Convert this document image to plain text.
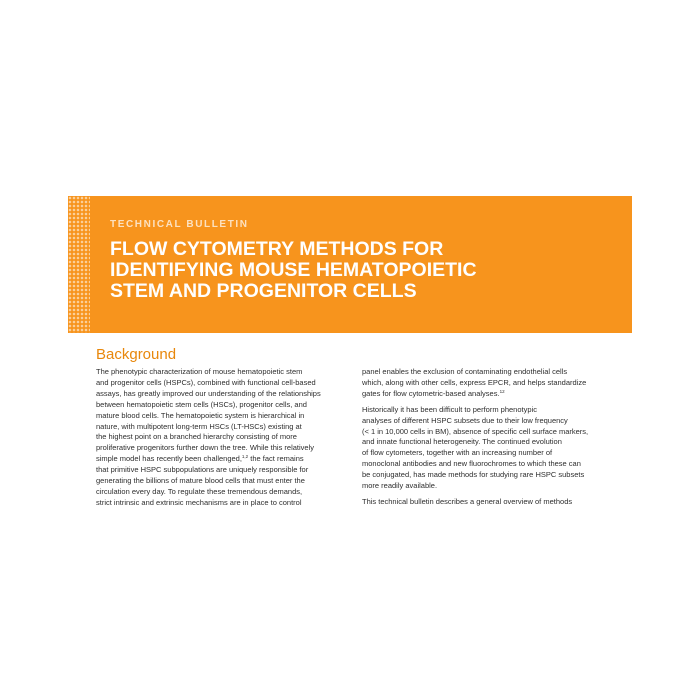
TECHNICAL BULLETIN
FLOW CYTOMETRY METHODS FOR
IDENTIFYING MOUSE HEMATOPOIETIC
STEM AND PROGENITOR CELLS
Background
The phenotypic characterization of mouse hematopoietic stem
and progenitor cells (HSPCs), combined with functional cell-based
assays, has greatly improved our understanding of the relationships
between hematopoietic stem cells (HSCs), progenitor cells, and
mature blood cells. The hematopoietic system is hierarchical in
nature, with multipotent long-term HSCs (LT-HSCs) existing at
the highest point on a branched hierarchy consisting of more
proliferative progenitors further down the tree. While this relatively
simple model has recently been challenged,$^{1,2}$ the fact remains
that primitive HSPC subpopulations are uniquely responsible for
generating the billions of mature blood cells that must enter the
circulation every day. To regulate these tremendous demands,
strict intrinsic and extrinsic mechanisms are in place to control
panel enables the exclusion of contaminating endothelial cells
which, along with other cells, express EPCR, and helps standardize
gates for flow cytometric-based analyses.$^{12}$
Historically it has been difficult to perform phenotypic
analyses of different HSPC subsets due to their low frequency
(< 1 in 10,000 cells in BM), absence of specific cell surface markers,
and innate functional heterogeneity. The continued evolution
of flow cytometers, together with an increasing number of
monoclonal antibodies and new fluorochromes to which these can
be conjugated, has made methods for studying rare HSPC subsets
more readily available.
This technical bulletin describes a general overview of methods
